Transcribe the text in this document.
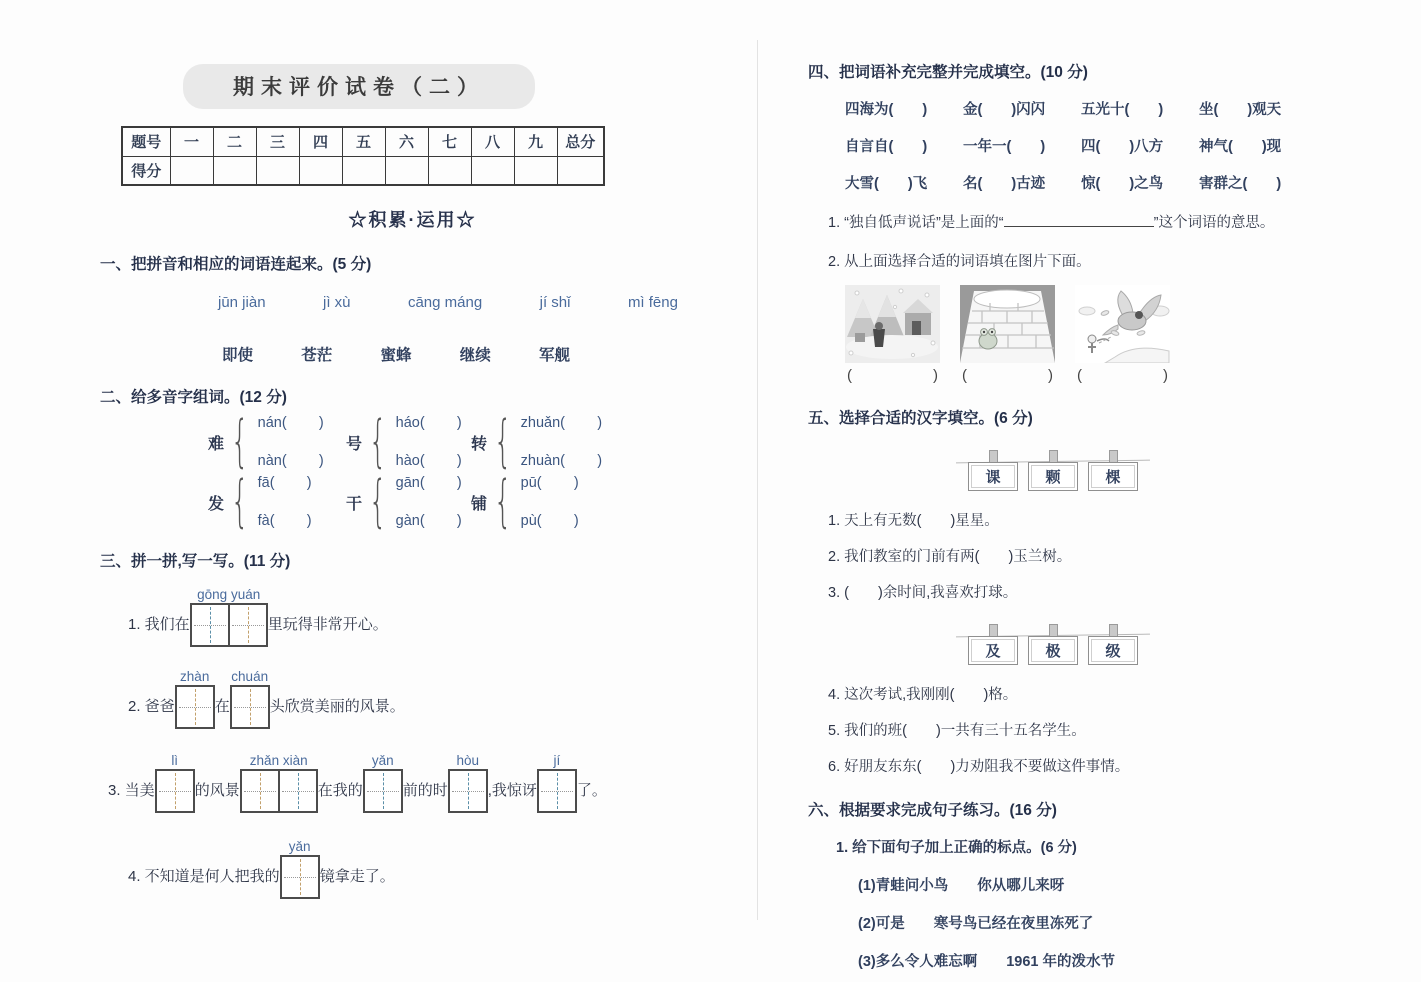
期末评价试卷（二）
题号	一	二	三	四	五	六	七	八	九	总分
得分										
☆积累·运用☆
一、把拼音和相应的词语连起来。(5 分)
jūn jiàn	jì xù	cāng máng	jí shǐ	mì fēng
即使	苍茫	蜜蜂	继续	军舰
二、给多音字组词。(12 分)
难 { nán(        )
nàn(        )
号 { háo(        )
hào(        )
转 { zhuǎn(        )
zhuàn(        )
发 { fā(        )
fà(        )
干 { gān(        )
gàn(        )
铺 { pū(        )
pù(        )
三、拼一拼,写一写。(11 分)
1. 我们在
gōng yuán
里玩得非常开心。
2. 爸爸
zhàn
在
chuán
头欣赏美丽的风景。
3. 当美
lì
的风景
zhǎn xiàn
在我的
yǎn
前的时
hòu
,我惊讶
jí
了。
4. 不知道是何人把我的
yǎn
镜拿走了。
四、把词语补充完整并完成填空。(10 分)
四海为(　　)	金(　　)闪闪	五光十(　　)	坐(　　)观天
自言自(　　)	一年一(　　)	四(　　)八方	神气(　　)现
大雪(　　)飞	名(　　)古迹	惊(　　)之鸟	害群之(　　)
1. “独自低声说话”是上面的“	”这个词语的意思。
2. 从上面选择合适的词语填在图片下面。
(	) (	) (	)
五、选择合适的汉字填空。(6 分)
课	颗	棵
1. 天上有无数(　　)星星。
2. 我们教室的门前有两(　　)玉兰树。
3. (　　)余时间,我喜欢打球。
及	极	级
4. 这次考试,我刚刚(　　)格。
5. 我们的班(　　)一共有三十五名学生。
6. 好朋友东东(　　)力劝阻我不要做这件事情。
六、根据要求完成句子练习。(16 分)
1. 给下面句子加上正确的标点。(6 分)
(1)青蛙问小鸟　　你从哪儿来呀
(2)可是　　寒号鸟已经在夜里冻死了
(3)多么令人难忘啊　　1961 年的泼水节
